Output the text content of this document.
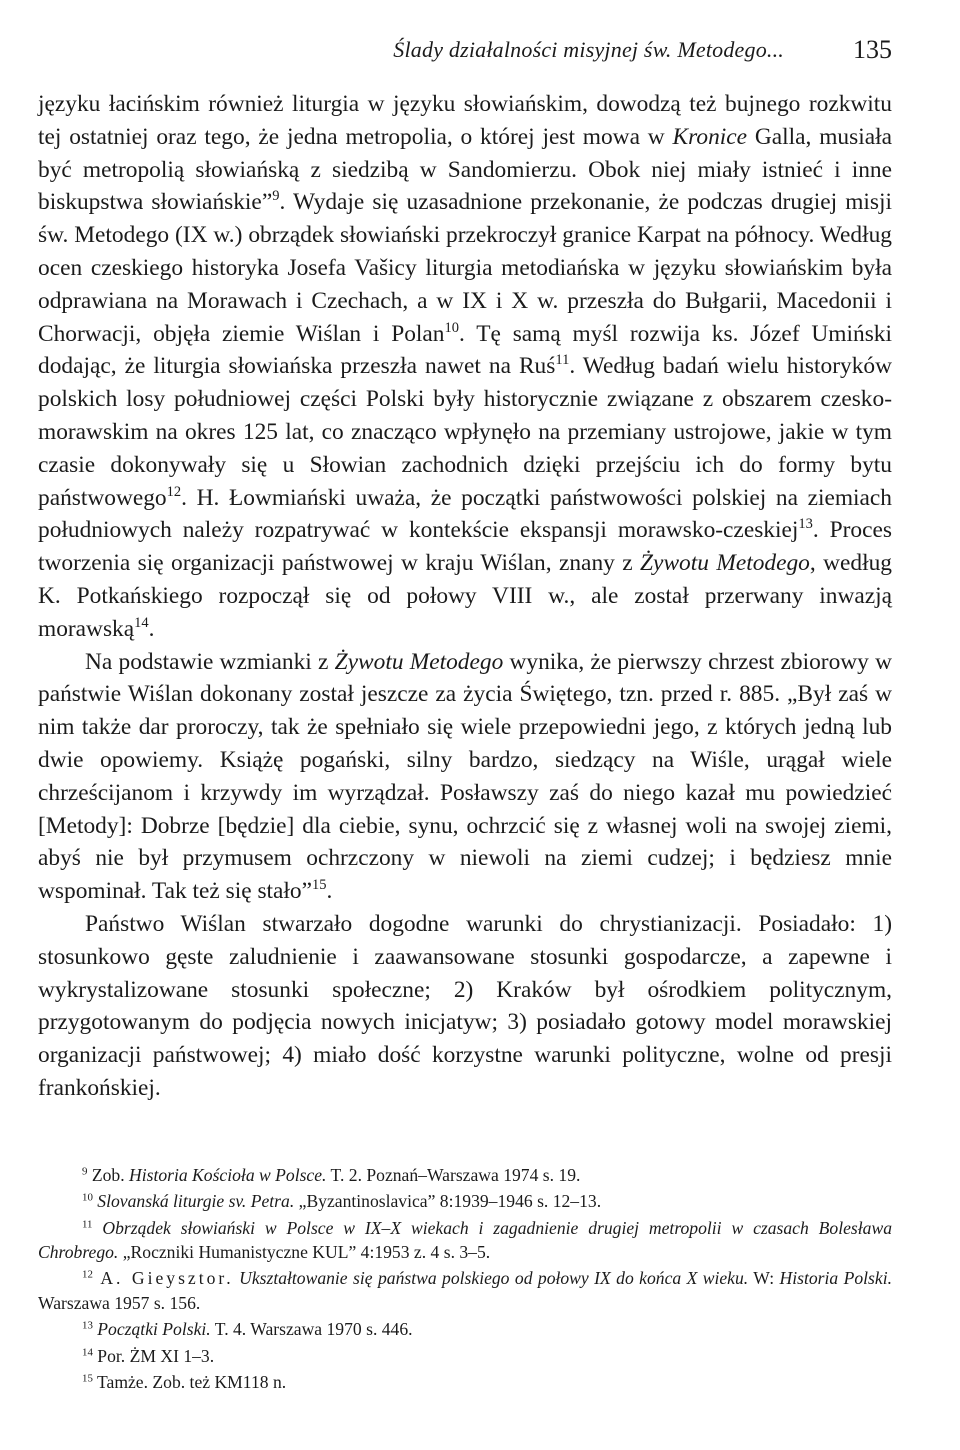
Ślady działalności misyjnej św. Metodego...	135

języku łacińskim również liturgia w języku słowiańskim, dowodzą też bujnego rozkwitu tej ostatniej oraz tego, że jedna metropolia, o której jest mowa w Kronice Galla, musiała być metropolią słowiańską z siedzibą w Sandomierzu. Obok niej miały istnieć i inne biskupstwa słowiańskie”$^9$. Wydaje się uzasadnione przekonanie, że podczas drugiej misji św. Metodego (IX w.) obrządek słowiański przekroczył granice Karpat na północy. Według ocen czeskiego historyka Josefa Vašicy liturgia metodiańska w języku słowiańskim była odprawiana na Morawach i Czechach, a w IX i X w. przeszła do Bułgarii, Macedonii i Chorwacji, objęła ziemie Wiślan i Polan$^{10}$. Tę samą myśl rozwija ks. Józef Umiński dodając, że liturgia słowiańska przeszła nawet na Ruś$^{11}$. Według badań wielu historyków polskich losy południowej części Polski były historycznie związane z obszarem czesko-morawskim na okres 125 lat, co znacząco wpłynęło na przemiany ustrojowe, jakie w tym czasie dokonywały się u Słowian zachodnich dzięki przejściu ich do formy bytu państwowego$^{12}$. H. Łowmiański uważa, że początki państwowości polskiej na ziemiach południowych należy rozpatrywać w kontekście ekspansji morawsko-czeskiej$^{13}$. Proces tworzenia się organizacji państwowej w kraju Wiślan, znany z Żywotu Metodego, według K. Potkańskiego rozpoczął się od połowy VIII w., ale został przerwany inwazją morawską$^{14}$.

Na podstawie wzmianki z Żywotu Metodego wynika, że pierwszy chrzest zbiorowy w państwie Wiślan dokonany został jeszcze za życia Świętego, tzn. przed r. 885. „Był zaś w nim także dar proroczy, tak że spełniało się wiele przepowiedni jego, z których jedną lub dwie opowiemy. Książę pogański, silny bardzo, siedzący na Wiśle, urągał wiele chrześcijanom i krzywdy im wyrządzał. Posławszy zaś do niego kazał mu powiedzieć [Metody]: Dobrze [będzie] dla ciebie, synu, ochrzcić się z własnej woli na swojej ziemi, abyś nie był przymusem ochrzczony w niewoli na ziemi cudzej; i będziesz mnie wspominał. Tak też się stało”$^{15}$.

Państwo Wiślan stwarzało dogodne warunki do chrystianizacji. Posiadało: 1) stosunkowo gęste zaludnienie i zaawansowane stosunki gospodarcze, a zapewne i wykrystalizowane stosunki społeczne; 2) Kraków był ośrodkiem politycznym, przygotowanym do podjęcia nowych inicjatyw; 3) posiadało gotowy model morawskiej organizacji państwowej; 4) miało dość korzystne warunki polityczne, wolne od presji frankońskiej.

$^9$ Zob. Historia Kościoła w Polsce. T. 2. Poznań–Warszawa 1974 s. 19.

$^{10}$ Slovanská liturgie sv. Petra. „Byzantinoslavica” 8:1939–1946 s. 12–13.

$^{11}$ Obrządek słowiański w Polsce w IX–X wiekach i zagadnienie drugiej metropolii w czasach Bolesława Chrobrego. „Roczniki Humanistyczne KUL” 4:1953 z. 4 s. 3–5.

$^{12}$ A. Gieysztor. Ukształtowanie się państwa polskiego od połowy IX do końca X wieku. W: Historia Polski. Warszawa 1957 s. 156.

$^{13}$ Początki Polski. T. 4. Warszawa 1970 s. 446.

$^{14}$ Por. ŻM XI 1–3.

$^{15}$ Tamże. Zob. też KM118 n.
